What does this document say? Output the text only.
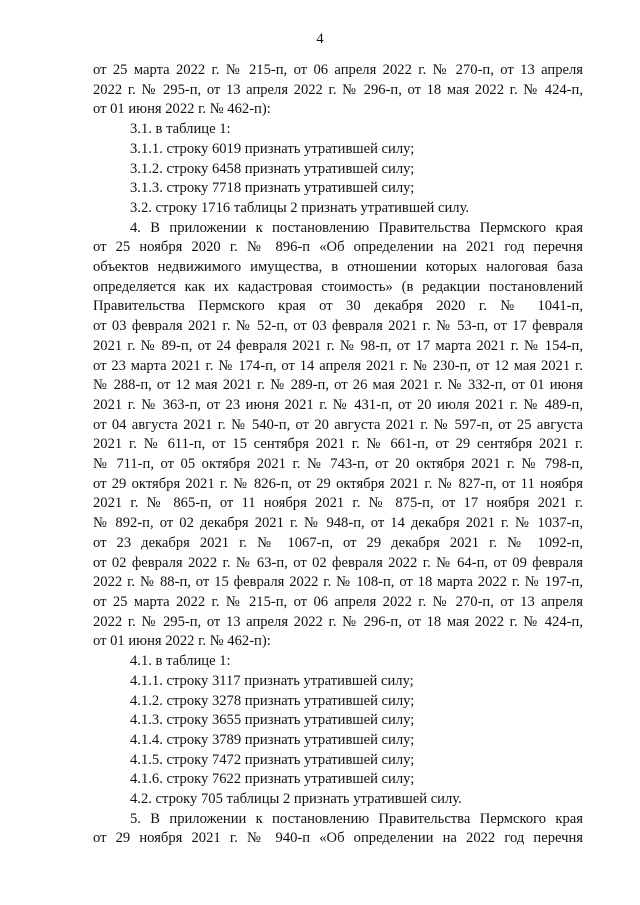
4

от 25 марта 2022 г. № 215-п, от 06 апреля 2022 г. № 270-п, от 13 апреля

2022 г. № 295-п, от 13 апреля 2022 г. № 296-п, от 18 мая 2022 г. № 424-п,

от 01 июня 2022 г. № 462-п):

3.1. в таблице 1:

3.1.1. строку 6019 признать утратившей силу;

3.1.2. строку 6458 признать утратившей силу;

3.1.3. строку 7718 признать утратившей силу;

3.2. строку 1716 таблицы 2 признать утратившей силу.

4. В приложении к постановлению Правительства Пермского края

от 25 ноября 2020 г. № 896-п «Об определении на 2021 год перечня

объектов недвижимого имущества, в отношении которых налоговая база

определяется как их кадастровая стоимость» (в редакции постановлений

Правительства Пермского края от 30 декабря 2020 г. № 1041-п,

от 03 февраля 2021 г. № 52-п, от 03 февраля 2021 г. № 53-п, от 17 февраля

2021 г. № 89-п, от 24 февраля 2021 г. № 98-п, от 17 марта 2021 г. № 154-п,

от 23 марта 2021 г. № 174-п, от 14 апреля 2021 г. № 230-п, от 12 мая 2021 г.

№ 288-п, от 12 мая 2021 г. № 289-п, от 26 мая 2021 г. № 332-п, от 01 июня

2021 г. № 363-п, от 23 июня 2021 г. № 431-п, от 20 июля 2021 г. № 489-п,

от 04 августа 2021 г. № 540-п, от 20 августа 2021 г. № 597-п, от 25 августа

2021 г. № 611-п, от 15 сентября 2021 г. № 661-п, от 29 сентября 2021 г.

№ 711-п, от 05 октября 2021 г. № 743-п, от 20 октября 2021 г. № 798-п,

от 29 октября 2021 г. № 826-п, от 29 октября 2021 г. № 827-п, от 11 ноября

2021 г. № 865-п, от 11 ноября 2021 г. № 875-п, от 17 ноября 2021 г.

№ 892-п, от 02 декабря 2021 г. № 948-п, от 14 декабря 2021 г. № 1037-п,

от 23 декабря 2021 г. № 1067-п, от 29 декабря 2021 г. № 1092-п,

от 02 февраля 2022 г. № 63-п, от 02 февраля 2022 г. № 64-п, от 09 февраля

2022 г. № 88-п, от 15 февраля 2022 г. № 108-п, от 18 марта 2022 г. № 197-п,

от 25 марта 2022 г. № 215-п, от 06 апреля 2022 г. № 270-п, от 13 апреля

2022 г. № 295-п, от 13 апреля 2022 г. № 296-п, от 18 мая 2022 г. № 424-п,

от 01 июня 2022 г. № 462-п):

4.1. в таблице 1:

4.1.1. строку 3117 признать утратившей силу;

4.1.2. строку 3278 признать утратившей силу;

4.1.3. строку 3655 признать утратившей силу;

4.1.4. строку 3789 признать утратившей силу;

4.1.5. строку 7472 признать утратившей силу;

4.1.6. строку 7622 признать утратившей силу;

4.2. строку 705 таблицы 2 признать утратившей силу.

5. В приложении к постановлению Правительства Пермского края

от 29 ноября 2021 г. № 940-п «Об определении на 2022 год перечня
